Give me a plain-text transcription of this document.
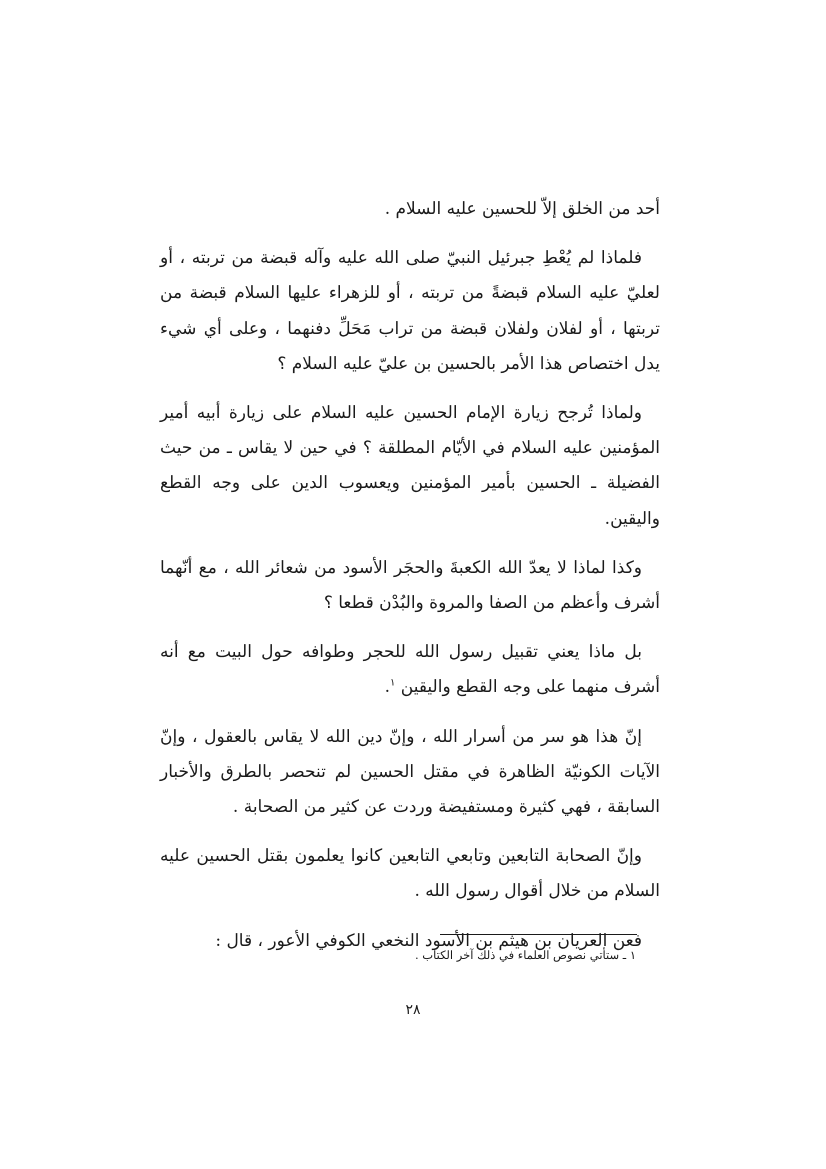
أحد من الخلق إلاّ للحسين عليه السلام .

فلماذا لم يُعْطِ جبرئيل النبيّ صلى الله عليه وآله قبضة من تربته ، أو لعليّ عليه السلام قبضةً من تربته ، أو للزهراء عليها السلام قبضة من تربتها ، أو لفلان ولفلان قبضة من تراب مَحَلِّ دفنهما ، وعلى أي شيء يدل اختصاص هذا الأمر بالحسين بن عليّ عليه السلام ؟

ولماذا تُرجح زيارة الإمام الحسين عليه السلام على زيارة أبيه أمير المؤمنين عليه السلام في الأيّام المطلقة ؟ في حين لا يقاس ـ من حيث الفضيلة ـ الحسين بأمير المؤمنين ويعسوب الدين على وجه القطع واليقين.

وكذا لماذا لا يعدّ الله الكعبةَ والحجَر الأسود من شعائر الله ، مع أنّهما أشرف وأعظم من الصفا والمروة والبُدْن قطعا ؟

بل ماذا يعني تقبيل رسول الله للحجر وطوافه حول البيت مع أنه أشرف منهما على وجه القطع واليقين $^١$.

إنّ هذا هو سر من أسرار الله ، وإنّ دين الله لا يقاس بالعقول ، وإنّ الآيات الكونيّة الظاهرة في مقتل الحسين لم تنحصر بالطرق والأخبار السابقة ، فهي كثيرة ومستفيضة وردت عن كثير من الصحابة .

وإنّ الصحابة التابعين وتابعي التابعين كانوا يعلمون بقتل الحسين عليه السلام من خلال أقوال رسول الله .

فعن العريان بن هيثم بن الأسود النخعي الكوفي الأعور ، قال :

١ ـ ستأتي نصوص العلماء في ذلك آخر الكتاب .

٢٨
